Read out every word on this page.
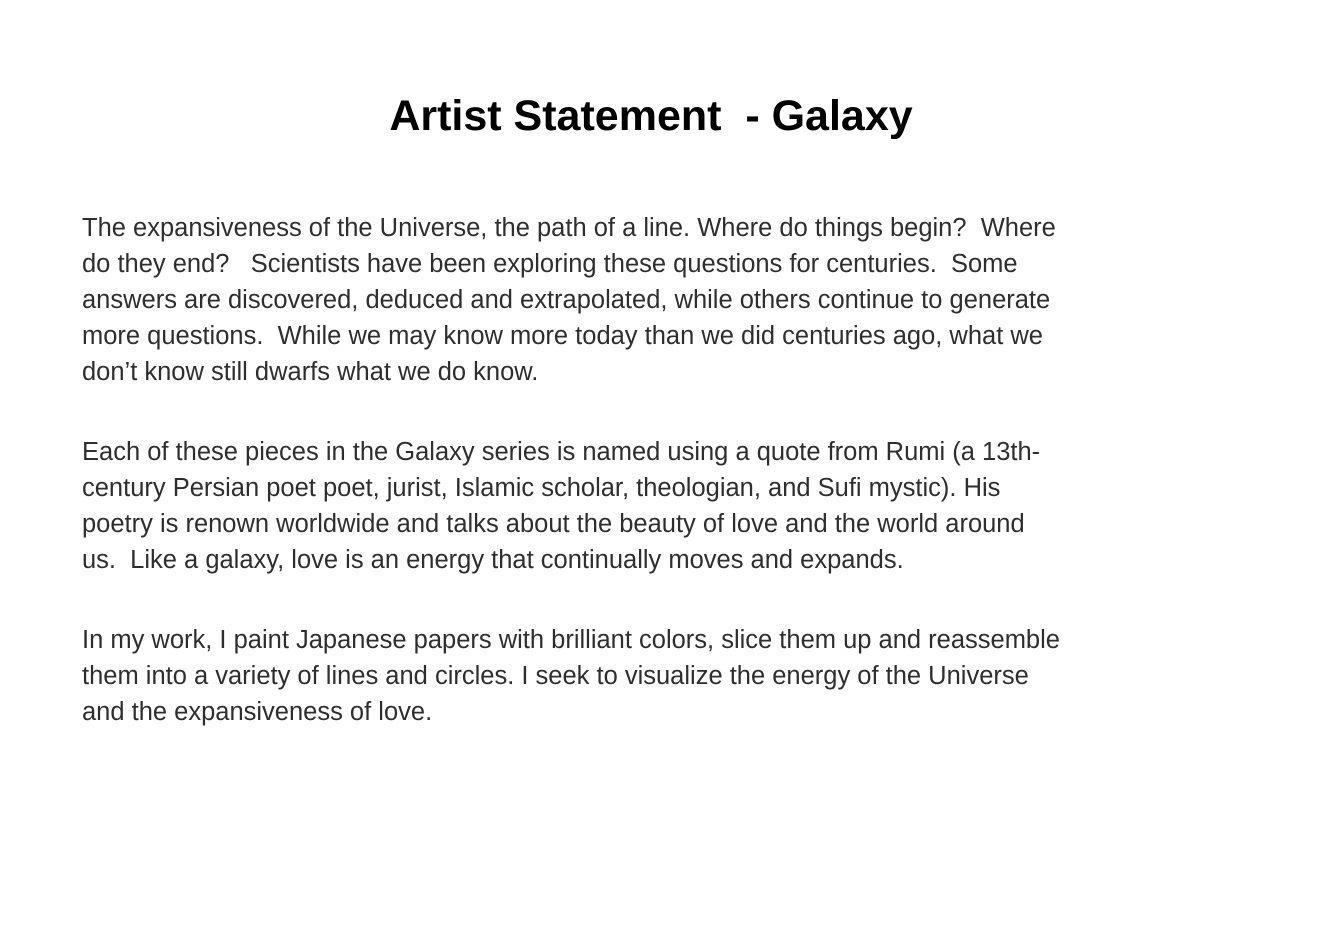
Artist Statement  - Galaxy
The expansiveness of the Universe, the path of a line. Where do things begin?  Where
do they end?   Scientists have been exploring these questions for centuries.  Some
answers are discovered, deduced and extrapolated, while others continue to generate
more questions.  While we may know more today than we did centuries ago, what we
don’t know still dwarfs what we do know.
Each of these pieces in the Galaxy series is named using a quote from Rumi (a 13th-
century Persian poet poet, jurist, Islamic scholar, theologian, and Sufi mystic). His
poetry is renown worldwide and talks about the beauty of love and the world around
us.  Like a galaxy, love is an energy that continually moves and expands.
In my work, I paint Japanese papers with brilliant colors, slice them up and reassemble
them into a variety of lines and circles. I seek to visualize the energy of the Universe
and the expansiveness of love.
